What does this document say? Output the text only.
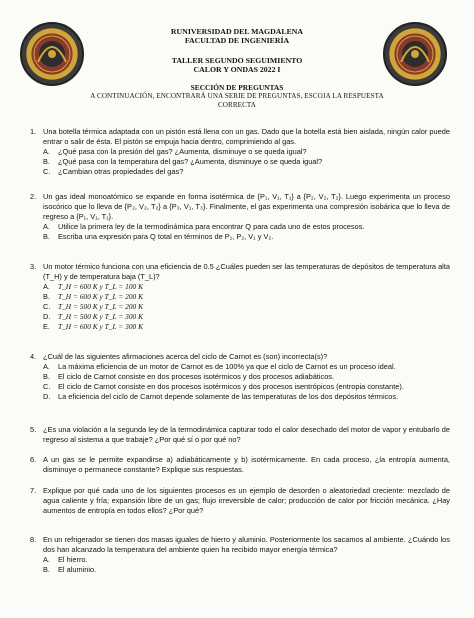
RUNIVERSIDAD DEL MAGDALENA
FACULTAD DE INGENIERÍA
TALLER SEGUNDO SEGUIMIENTO
CALOR Y ONDAS 2022 I
SECCIÓN DE PREGUNTAS
A CONTINUACIÓN, ENCONTRARÁ UNA SERIE DE PREGUNTAS, ESCOJA LA RESPUESTA CORRECTA
1. Una botella térmica adaptada con un pistón está llena con un gas. Dado que la botella está bien aislada, ningún calor puede entrar o salir de ésta. El pistón se empuja hacia dentro, comprimiendo al gas.
A. ¿Qué pasa con la presión del gas? ¿Aumenta, disminuye o se queda igual?
B. ¿Qué pasa con la temperatura del gas? ¿Aumenta, disminuye o se queda igual?
C. ¿Cambian otras propiedades del gas?
2. Un gas ideal monoatómico se expande en forma isotérmica de {P₁, V₁, T₁} a {P₂, V₂, T₂}. Luego experimenta un proceso isocórico que lo lleva de {P₂, V₂, T₂} a {P₃, V₁, T₃}. Finalmente, el gas experimenta una compresión isobárica que lo lleva de regreso a {P₁, V₁, T₁}.
A. Utilice la primera ley de la termodinámica para encontrar Q para cada uno de estos procesos.
B. Escriba una expresión para Q total en términos de P₁, P₂, V₁ y V₂.
3. Un motor térmico funciona con una eficiencia de 0.5 ¿Cuáles pueden ser las temperaturas de depósitos de temperatura alta (T_H) y de temperatura baja (T_L)?
A. T_H = 600 K y T_L = 100 K
B. T_H = 600 K y T_L = 200 K
C. T_H = 500 K y T_L = 200 K
D. T_H = 500 K y T_L = 300 K
E. T_H = 600 K y T_L = 300 K
4. ¿Cuál de las siguientes afirmaciones acerca del ciclo de Carnot es (son) incorrecta(s)?
A. La máxima eficiencia de un motor de Carnot es de 100% ya que el ciclo de Carnot es un proceso ideal.
B. El ciclo de Carnot consiste en dos procesos isotérmicos y dos procesos adiabáticos.
C. El ciclo de Carnot consiste en dos procesos isotérmicos y dos procesos isentrópicos (entropia constante).
D. La eficiencia del ciclo de Carnot depende solamente de las temperaturas de los dos depósitos térmicos.
5. ¿Es una violación a la segunda ley de la termodinámica capturar todo el calor desechado del motor de vapor y entubarlo de regreso al sistema a que trabaje? ¿Por qué sí o por qué no?
6. A un gas se le permite expandirse a) adiabáticamente y b) isotérmicamente. En cada proceso, ¿la entropía aumenta, disminuye o permanece constante? Explique sus respuestas.
7. Explique por qué cada uno de los siguientes procesos es un ejemplo de desorden o aleatoriedad creciente: mezclado de agua caliente y fría; expansión libre de un gas; flujo irreversible de calor; producción de calor por fricción mecánica. ¿Hay aumentos de entropía en todos ellos? ¿Por qué?
8. En un refrigerador se tienen dos masas iguales de hierro y aluminio. Posteriormente los sacamos al ambiente. ¿Cuándo los dos han alcanzado la temperatura del ambiente quien ha recibido mayor energía térmica?
A. El hierro.
B. El aluminio.
